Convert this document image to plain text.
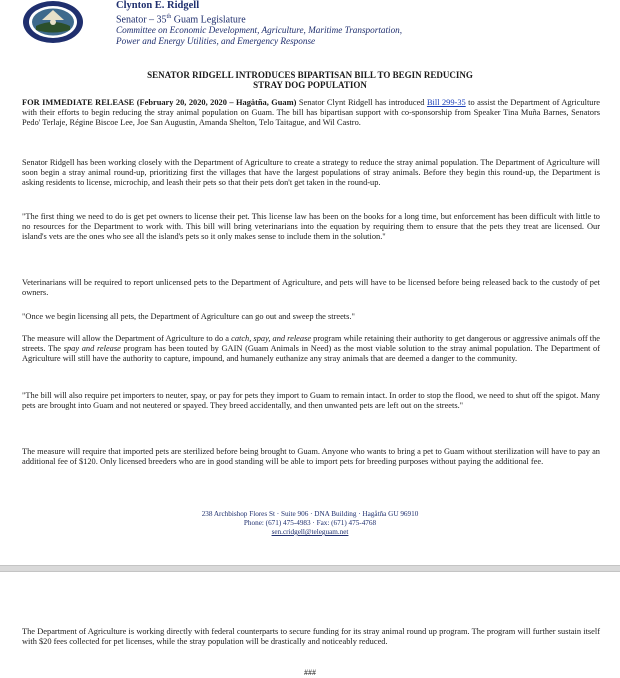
Clynton E. Ridgell
Senator – 35th Guam Legislature
Committee on Economic Development, Agriculture, Maritime Transportation,
Power and Energy Utilities, and Emergency Response
SENATOR RIDGELL INTRODUCES BIPARTISAN BILL TO BEGIN REDUCING
STRAY DOG POPULATION

FOR IMMEDIATE RELEASE (February 20, 2020, 2020 – Hagåtña, Guam) Senator Clynt Ridgell has introduced Bill 299-35 to assist the Department of Agriculture with their efforts to begin reducing the stray animal population on Guam. The bill has bipartisan support with co-sponsorship from Speaker Tina Muña Barnes, Senators Pedo' Terlaje, Régine Biscoe Lee, Joe San Augustin, Amanda Shelton, Telo Taitague, and Wil Castro.

Senator Ridgell has been working closely with the Department of Agriculture to create a strategy to reduce the stray animal population. The Department of Agriculture will soon begin a stray animal round-up, prioritizing first the villages that have the largest populations of stray animals. Before they begin this round-up, the Department is asking residents to license, microchip, and leash their pets so that their pets don't get taken in the round-up.

"The first thing we need to do is get pet owners to license their pet. This license law has been on the books for a long time, but enforcement has been difficult with little to no resources for the Department to work with. This bill will bring veterinarians into the equation by requiring them to ensure that the pets they treat are licensed. Our island's vets are the ones who see all the island's pets so it only makes sense to include them in the solution."

Veterinarians will be required to report unlicensed pets to the Department of Agriculture, and pets will have to be licensed before being released back to the custody of pet owners.

"Once we begin licensing all pets, the Department of Agriculture can go out and sweep the streets."

The measure will allow the Department of Agriculture to do a catch, spay, and release program while retaining their authority to get dangerous or aggressive animals off the streets. The spay and release program has been touted by GAIN (Guam Animals in Need) as the most viable solution to the stray animal population. The Department of Agriculture will still have the authority to capture, impound, and humanely euthanize any stray animals that are deemed a danger to the community.

"The bill will also require pet importers to neuter, spay, or pay for pets they import to Guam to remain intact. In order to stop the flood, we need to shut off the spigot. Many pets are brought into Guam and not neutered or spayed. They breed accidentally, and then unwanted pets are left out on the streets."

The measure will require that imported pets are sterilized before being brought to Guam. Anyone who wants to bring a pet to Guam without sterilization will have to pay an additional fee of $120. Only licensed breeders who are in good standing will be able to import pets for breeding purposes without paying the additional fee.

238 Archbishop Flores St · Suite 906 · DNA Building · Hagåtña GU 96910
Phone: (671) 475-4983 · Fax: (671) 475-4768
sen.cridgell@teleguam.net

The Department of Agriculture is working directly with federal counterparts to secure funding for its stray animal round up program. The program will further sustain itself with $20 fees collected for pet licenses, while the stray population will be drastically and noticeably reduced.

###
